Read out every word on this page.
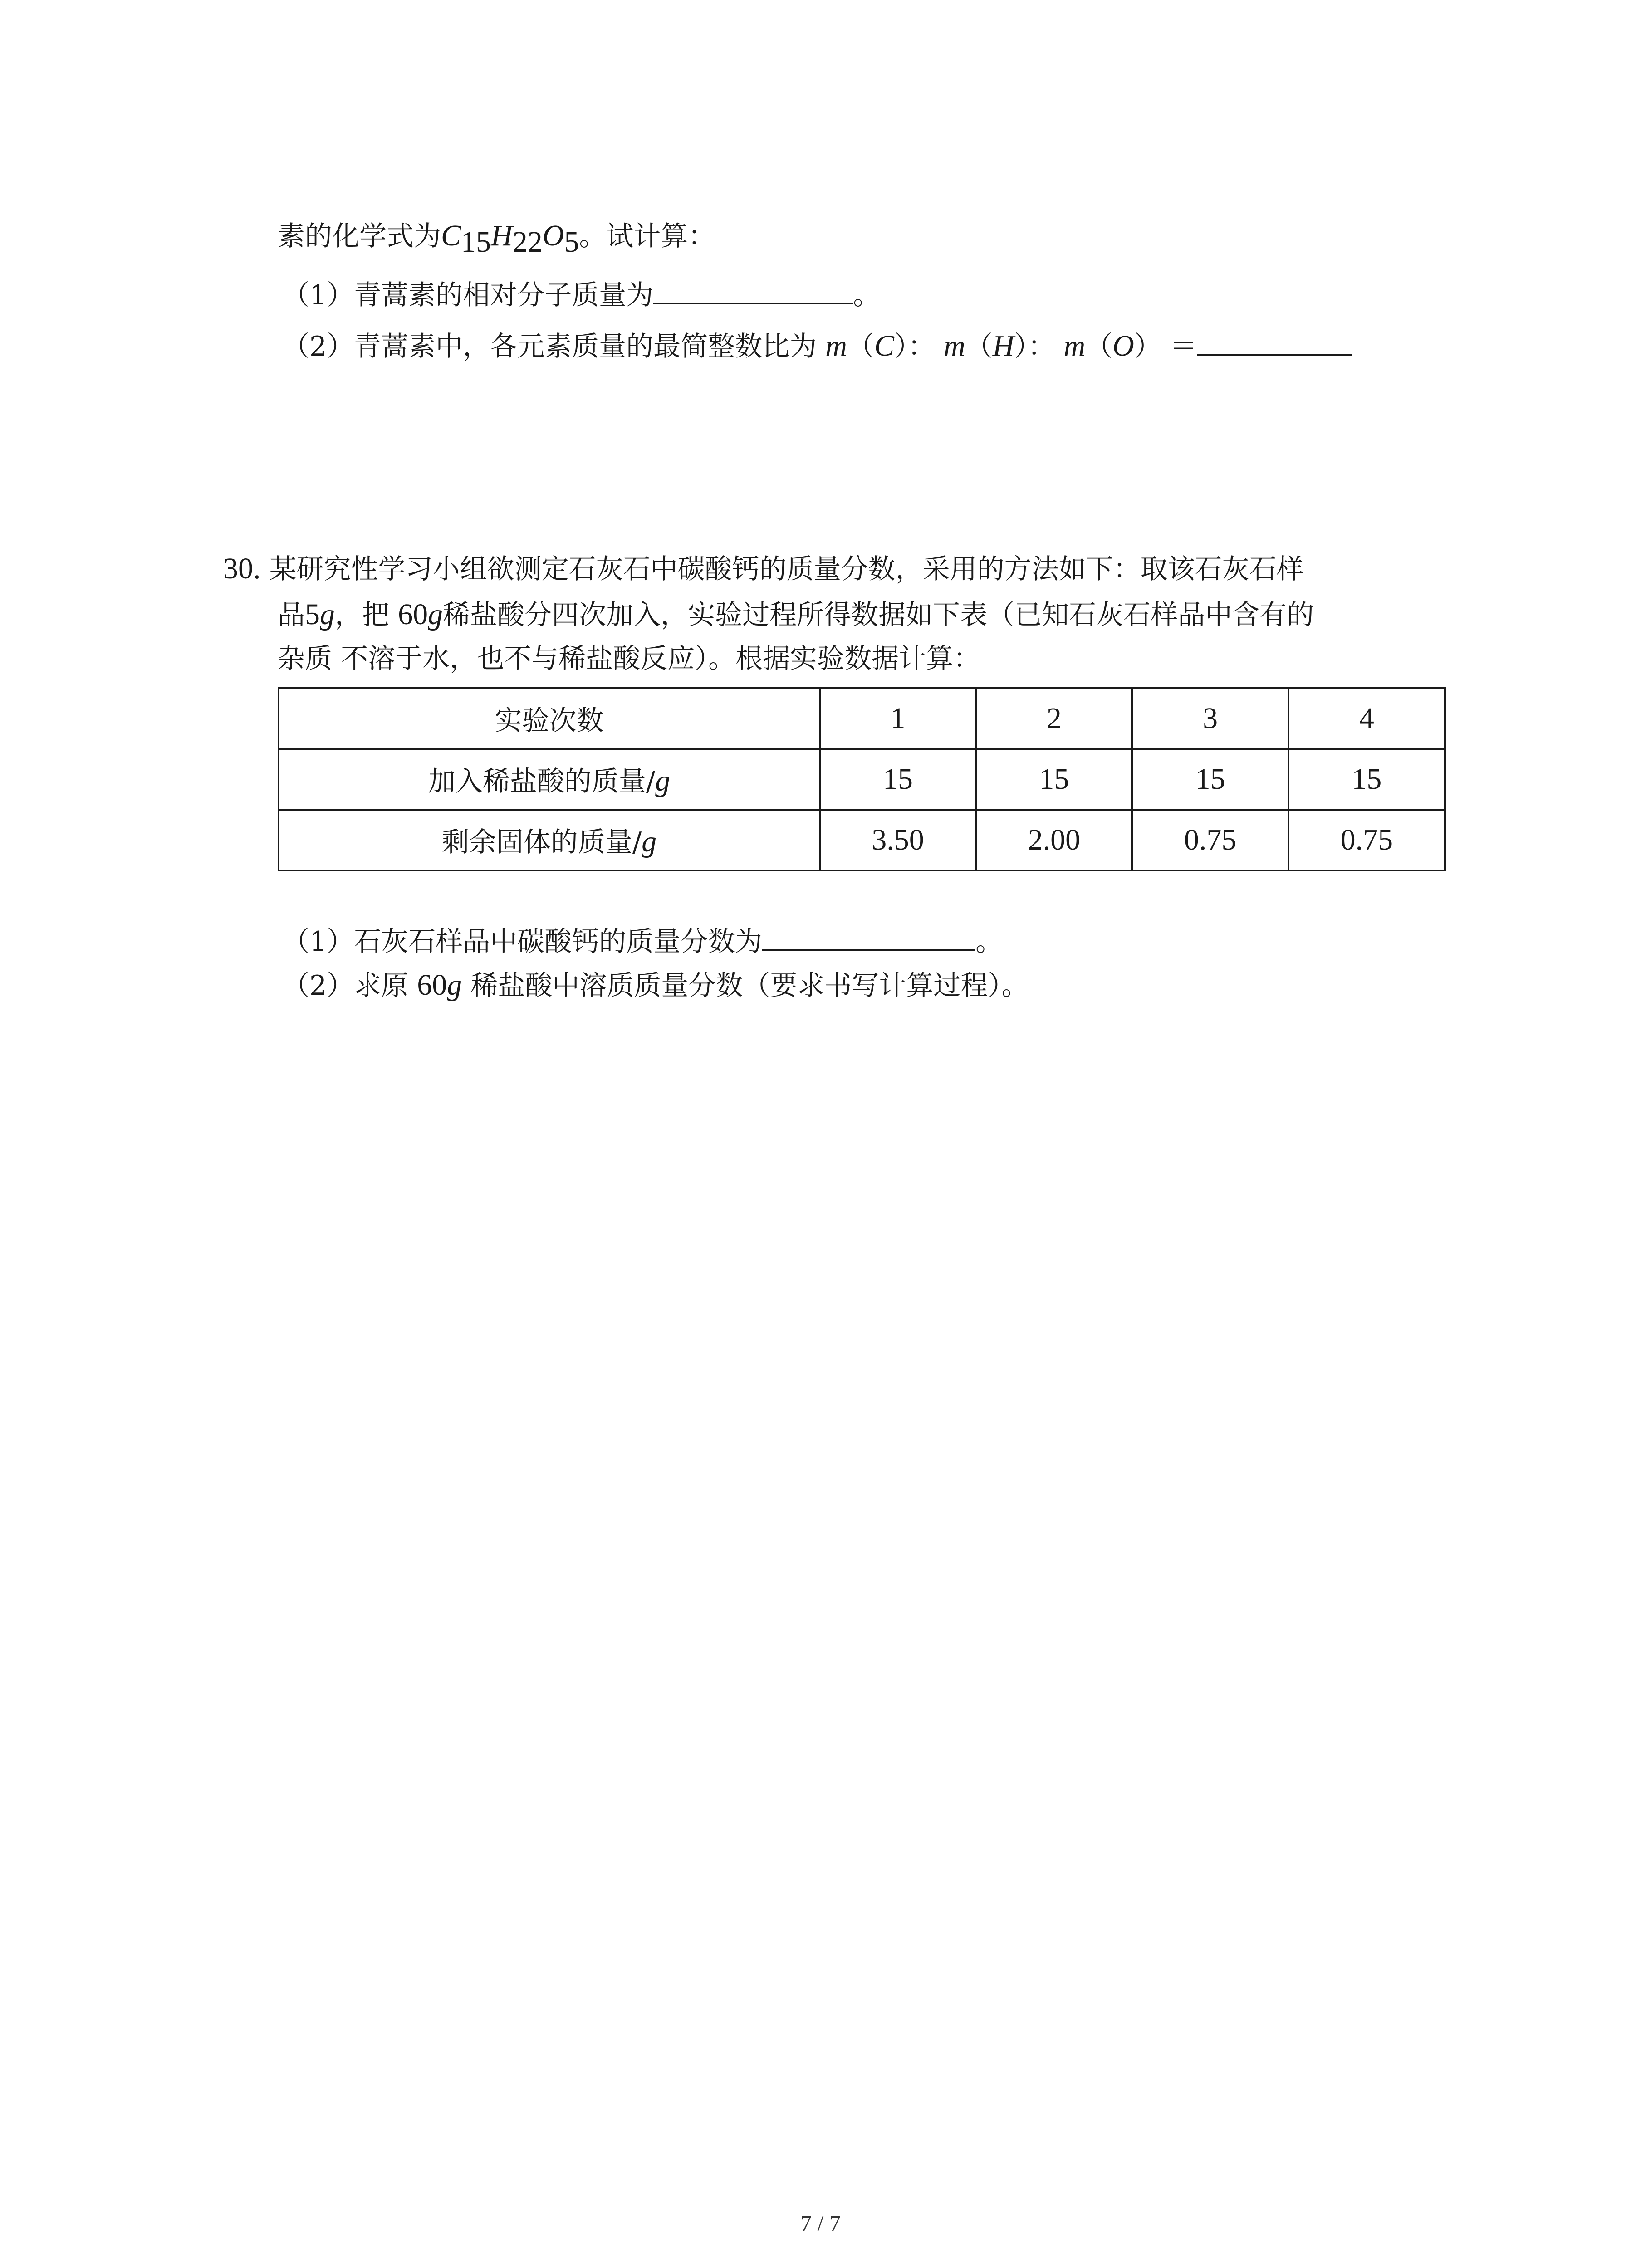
素的化学式为$C_{15}H_{22}O_5$。试计算：
（1）青蒿素的相对分子质量为	。
（2）青蒿素中，各元素质量的最简整数比为 m（C）： m（H）： m（O） ＝
30. 某研究性学习小组欲测定石灰石中碳酸钙的质量分数，采用的方法如下：取该石灰石样
品5g，把 60g稀盐酸分四次加入，实验过程所得数据如下表（已知石灰石样品中含有的
杂质 不溶于水，也不与稀盐酸反应）。根据实验数据计算：
实验次数	1	2	3	4
加入稀盐酸的质量/g	15	15	15	15
剩余固体的质量/g	3.50	2.00	0.75	0.75
（1）石灰石样品中碳酸钙的质量分数为	。
（2）求原 60g 稀盐酸中溶质质量分数（要求书写计算过程）。
7 / 7
